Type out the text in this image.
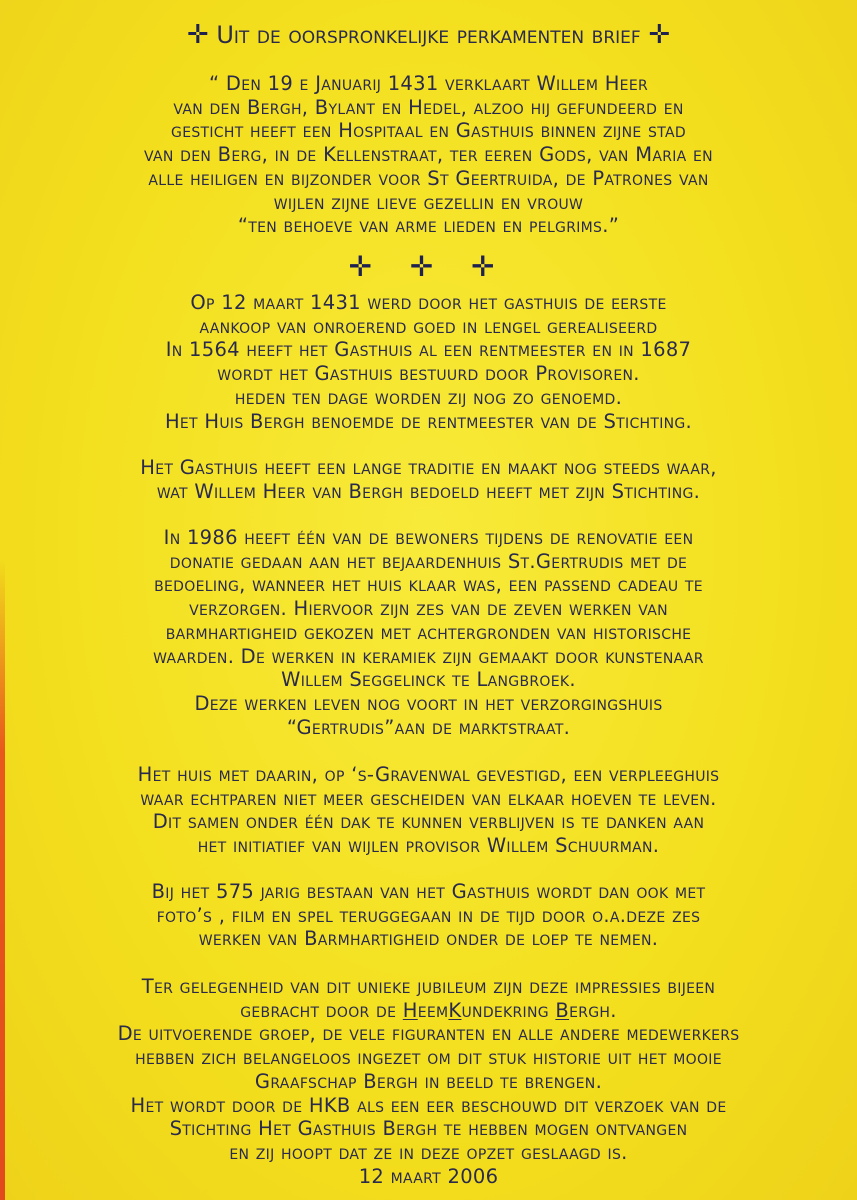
✛ Uit de oorspronkelijke perkamenten brief ✛
“ Den 19 e Januarij 1431 verklaart Willem Heer
van den Bergh, Bylant en Hedel, alzoo hij gefundeerd en
gesticht heeft een Hospitaal en Gasthuis binnen zijne stad
van den Berg, in de Kellenstraat, ter eeren Gods, van Maria en
alle heiligen en bijzonder voor St Geertruida, de Patrones van
wijlen zijne lieve gezellin en vrouw
“ten behoeve van arme lieden en pelgrims.”
✛ ✛ ✛
Op 12 maart 1431 werd door het gasthuis de eerste
aankoop van onroerend goed in lengel gerealiseerd
In 1564 heeft het Gasthuis al een rentmeester en in 1687
wordt het Gasthuis bestuurd door Provisoren.
heden ten dage worden zij nog zo genoemd.
Het Huis Bergh benoemde de rentmeester van de Stichting.
Het Gasthuis heeft een lange traditie en maakt nog steeds waar,
wat Willem Heer van Bergh bedoeld heeft met zijn Stichting.
In 1986 heeft één van de bewoners tijdens de renovatie een
donatie gedaan aan het bejaardenhuis St.Gertrudis met de
bedoeling, wanneer het huis klaar was, een passend cadeau te
verzorgen. Hiervoor zijn zes van de zeven werken van
barmhartigheid gekozen met achtergronden van historische
waarden. De werken in keramiek zijn gemaakt door kunstenaar
Willem Seggelinck te Langbroek.
Deze werken leven nog voort in het verzorgingshuis
“Gertrudis”aan de marktstraat.
Het huis met daarin, op ‘s-Gravenwal gevestigd, een verpleeghuis
waar echtparen niet meer gescheiden van elkaar hoeven te leven.
Dit samen onder één dak te kunnen verblijven is te danken aan
het initiatief van wijlen provisor Willem Schuurman.
Bij het 575 jarig bestaan van het Gasthuis wordt dan ook met
foto’s , film en spel teruggegaan in de tijd door o.a.deze zes
werken van Barmhartigheid onder de loep te nemen.
Ter gelegenheid van dit unieke jubileum zijn deze impressies bijeen
gebracht door de HeemKundekring Bergh.
De uitvoerende groep, de vele figuranten en alle andere medewerkers
hebben zich belangeloos ingezet om dit stuk historie uit het mooie
Graafschap Bergh in beeld te brengen.
Het wordt door de HKB als een eer beschouwd dit verzoek van de
Stichting Het Gasthuis Bergh te hebben mogen ontvangen
en zij hoopt dat ze in deze opzet geslaagd is.
12 maart 2006
